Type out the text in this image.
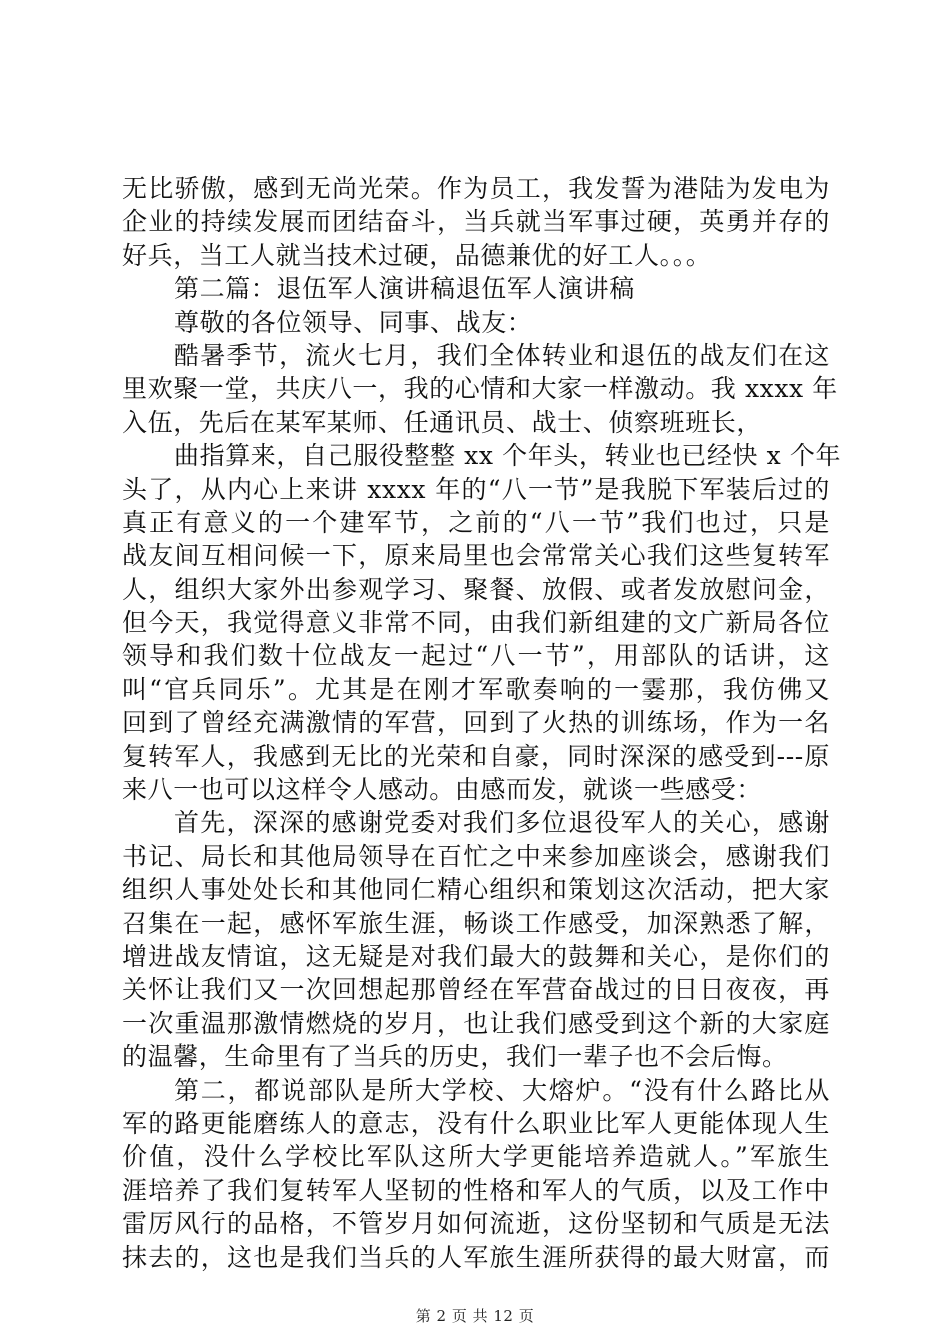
无比骄傲，感到无尚光荣。作为员工，我发誓为港陆为发电为
企业的持续发展而团结奋斗，当兵就当军事过硬，英勇并存的
好兵，当工人就当技术过硬，品德兼优的好工人。。。
第二篇：退伍军人演讲稿退伍军人演讲稿
尊敬的各位领导、同事、战友：
酷暑季节，流火七月，我们全体转业和退伍的战友们在这
里欢聚一堂，共庆八一，我的心情和大家一样激动。我 xxxx 年
入伍，先后在某军某师、任通讯员、战士、侦察班班长，
曲指算来，自己服役整整 xx 个年头，转业也已经快 x 个年
头了，从内心上来讲 xxxx 年的“八一节”是我脱下军装后过的
真正有意义的一个建军节，之前的“八一节”我们也过，只是
战友间互相问候一下，原来局里也会常常关心我们这些复转军
人，组织大家外出参观学习、聚餐、放假、或者发放慰问金，
但今天，我觉得意义非常不同，由我们新组建的文广新局各位
领导和我们数十位战友一起过“八一节”，用部队的话讲，这
叫“官兵同乐”。尤其是在刚才军歌奏响的一霎那，我仿佛又
回到了曾经充满激情的军营，回到了火热的训练场，作为一名
复转军人，我感到无比的光荣和自豪，同时深深的感受到---原
来八一也可以这样令人感动。由感而发，就谈一些感受：
首先，深深的感谢党委对我们多位退役军人的关心，感谢
书记、局长和其他局领导在百忙之中来参加座谈会，感谢我们
组织人事处处长和其他同仁精心组织和策划这次活动，把大家
召集在一起，感怀军旅生涯，畅谈工作感受，加深熟悉了解，
增进战友情谊，这无疑是对我们最大的鼓舞和关心，是你们的
关怀让我们又一次回想起那曾经在军营奋战过的日日夜夜，再
一次重温那激情燃烧的岁月，也让我们感受到这个新的大家庭
的温馨，生命里有了当兵的历史，我们一辈子也不会后悔。
第二，都说部队是所大学校、大熔炉。“没有什么路比从
军的路更能磨练人的意志，没有什么职业比军人更能体现人生
价值，没什么学校比军队这所大学更能培养造就人。”军旅生
涯培养了我们复转军人坚韧的性格和军人的气质，以及工作中
雷厉风行的品格，不管岁月如何流逝，这份坚韧和气质是无法
抹去的，这也是我们当兵的人军旅生涯所获得的最大财富，而
第 2 页 共 12 页
